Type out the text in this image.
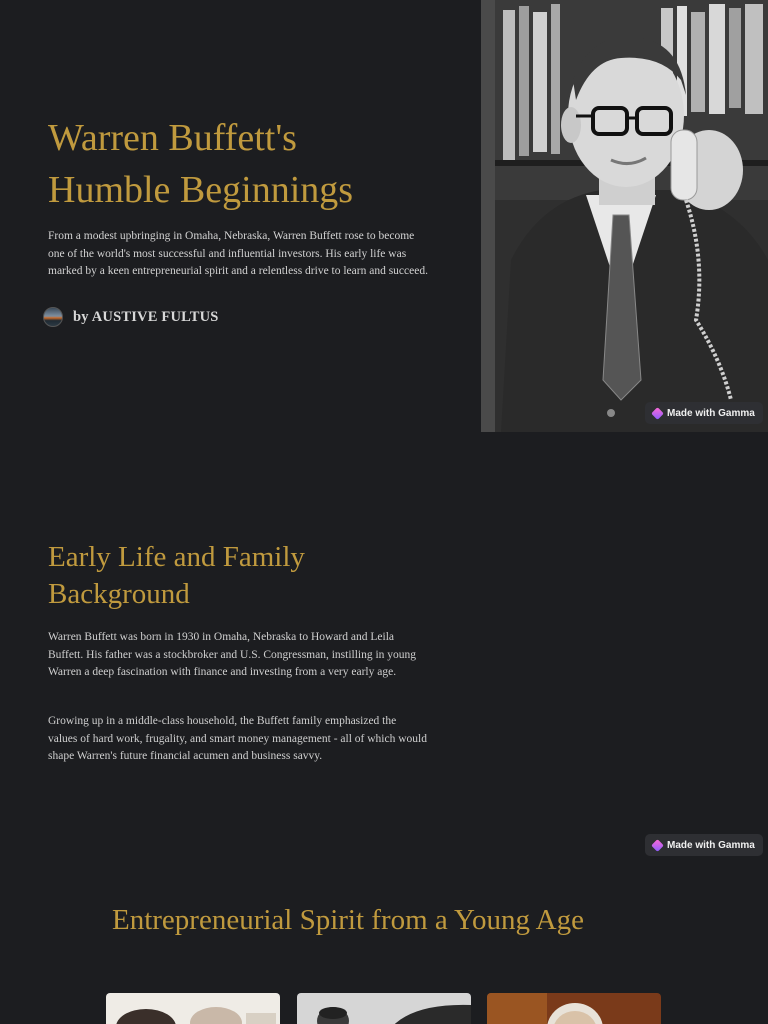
Warren Buffett's
Humble Beginnings

From a modest upbringing in Omaha, Nebraska, Warren Buffett rose to become one of the world's most successful and influential investors. His early life was marked by a keen entrepreneurial spirit and a relentless drive to learn and succeed.

by AUSTIVE FULTUS
Made with Gamma
Early Life and Family
Background

Warren Buffett was born in 1930 in Omaha, Nebraska to Howard and Leila Buffett. His father was a stockbroker and U.S. Congressman, instilling in young Warren a deep fascination with finance and investing from a very early age.

Growing up in a middle-class household, the Buffett family emphasized the values of hard work, frugality, and smart money management - all of which would shape Warren's future financial acumen and business savvy.

Made with Gamma
Entrepreneurial Spirit from a Young Age
